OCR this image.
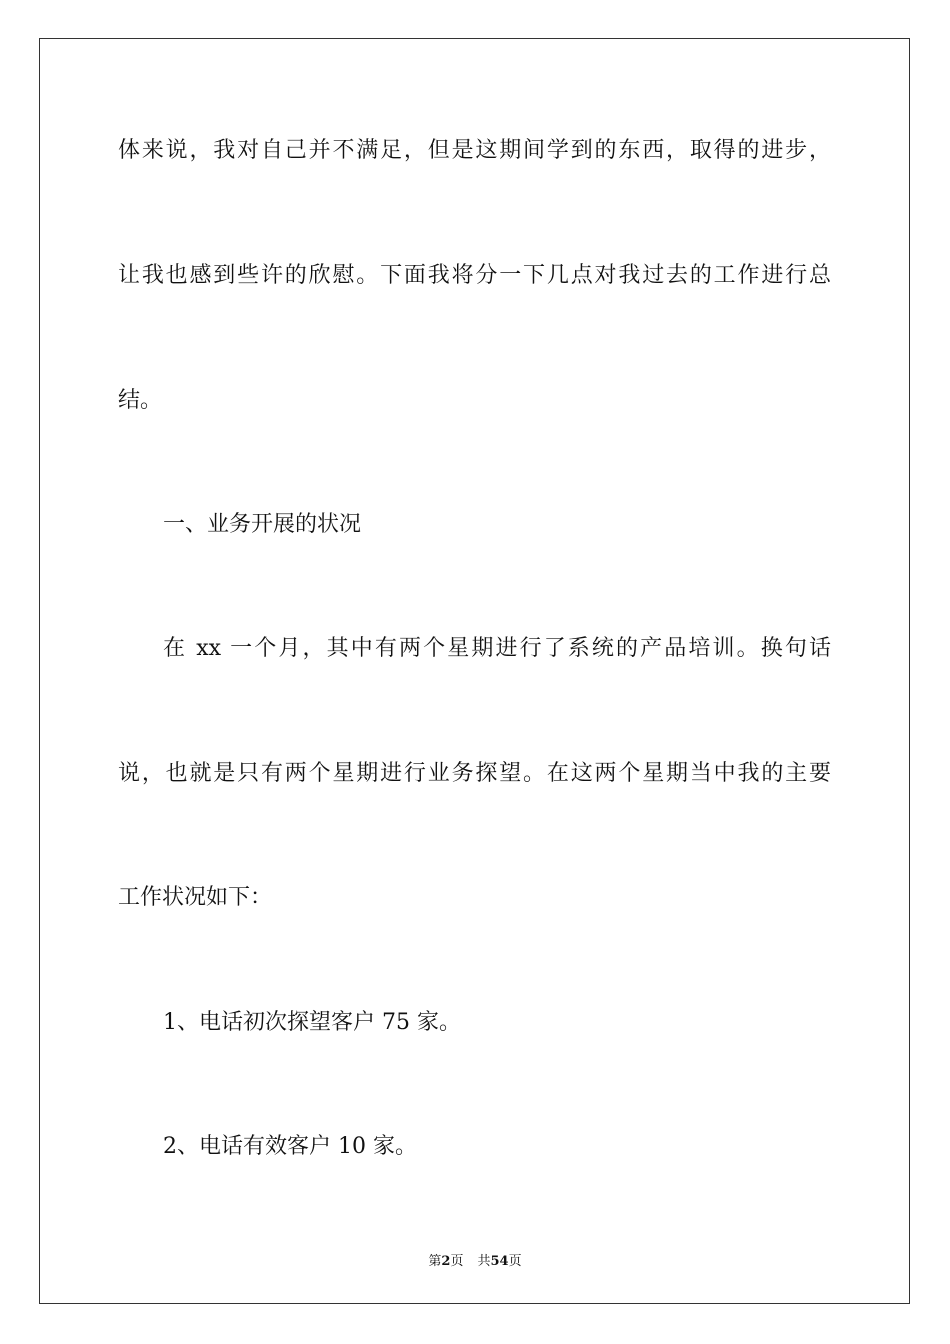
体来说，我对自己并不满足，但是这期间学到的东西，取得的进步，
让我也感到些许的欣慰。下面我将分一下几点对我过去的工作进行总
结。
一、业务开展的状况
在 xx 一个月，其中有两个星期进行了系统的产品培训。换句话
说，也就是只有两个星期进行业务探望。在这两个星期当中我的主要
工作状况如下：
1、电话初次探望客户 75 家。
2、电话有效客户 10 家。
第2页 共54页
